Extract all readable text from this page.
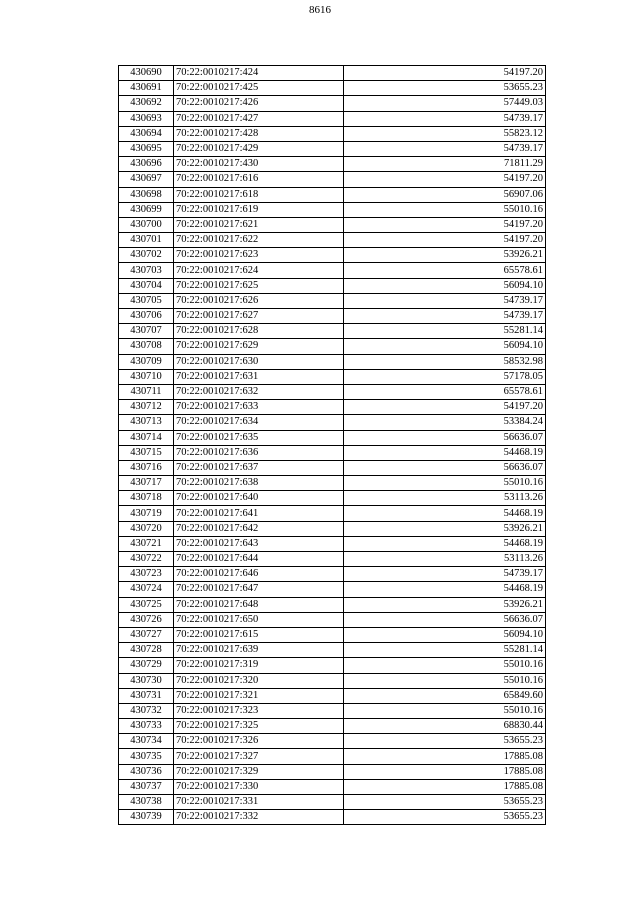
8616
430690	70:22:0010217:424	54197.20
430691	70:22:0010217:425	53655.23
430692	70:22:0010217:426	57449.03
430693	70:22:0010217:427	54739.17
430694	70:22:0010217:428	55823.12
430695	70:22:0010217:429	54739.17
430696	70:22:0010217:430	71811.29
430697	70:22:0010217:616	54197.20
430698	70:22:0010217:618	56907.06
430699	70:22:0010217:619	55010.16
430700	70:22:0010217:621	54197.20
430701	70:22:0010217:622	54197.20
430702	70:22:0010217:623	53926.21
430703	70:22:0010217:624	65578.61
430704	70:22:0010217:625	56094.10
430705	70:22:0010217:626	54739.17
430706	70:22:0010217:627	54739.17
430707	70:22:0010217:628	55281.14
430708	70:22:0010217:629	56094.10
430709	70:22:0010217:630	58532.98
430710	70:22:0010217:631	57178.05
430711	70:22:0010217:632	65578.61
430712	70:22:0010217:633	54197.20
430713	70:22:0010217:634	53384.24
430714	70:22:0010217:635	56636.07
430715	70:22:0010217:636	54468.19
430716	70:22:0010217:637	56636.07
430717	70:22:0010217:638	55010.16
430718	70:22:0010217:640	53113.26
430719	70:22:0010217:641	54468.19
430720	70:22:0010217:642	53926.21
430721	70:22:0010217:643	54468.19
430722	70:22:0010217:644	53113.26
430723	70:22:0010217:646	54739.17
430724	70:22:0010217:647	54468.19
430725	70:22:0010217:648	53926.21
430726	70:22:0010217:650	56636.07
430727	70:22:0010217:615	56094.10
430728	70:22:0010217:639	55281.14
430729	70:22:0010217:319	55010.16
430730	70:22:0010217:320	55010.16
430731	70:22:0010217:321	65849.60
430732	70:22:0010217:323	55010.16
430733	70:22:0010217:325	68830.44
430734	70:22:0010217:326	53655.23
430735	70:22:0010217:327	17885.08
430736	70:22:0010217:329	17885.08
430737	70:22:0010217:330	17885.08
430738	70:22:0010217:331	53655.23
430739	70:22:0010217:332	53655.23
